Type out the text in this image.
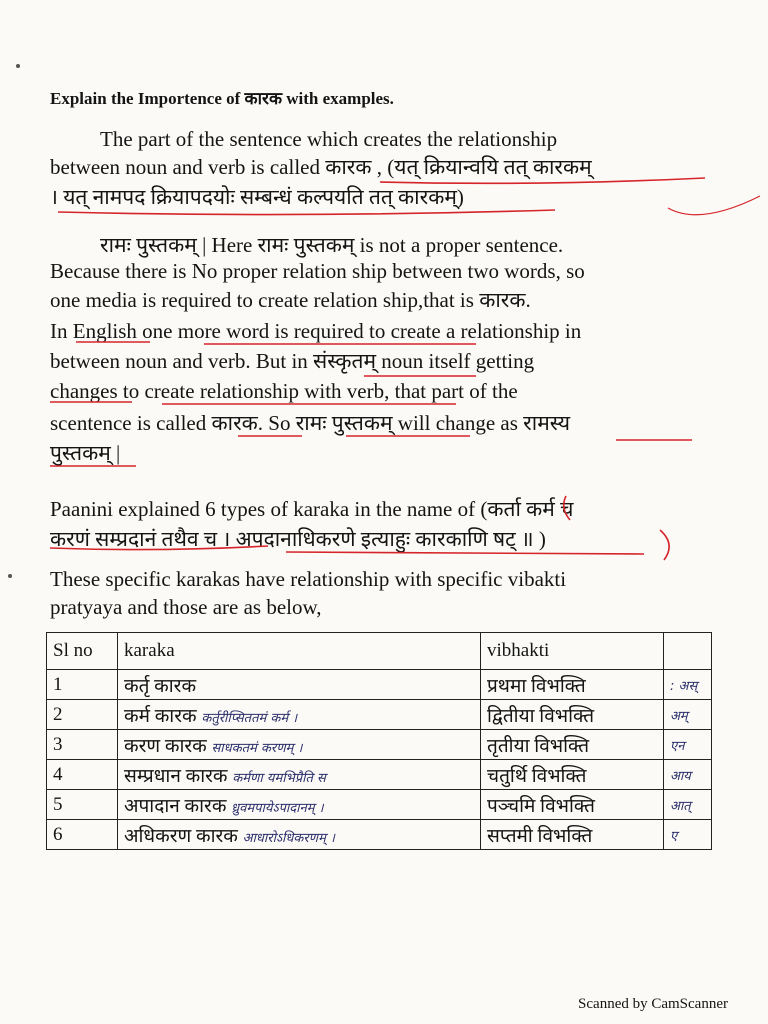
Explain the Importence of कारक with examples.
The part of the sentence which creates the relationship
between noun and verb is called कारक , (यत् क्रियान्वयि तत् कारकम्
। यत् नामपद क्रियापदयोः सम्बन्धं कल्पयति तत् कारकम्)
रामः पुस्तकम् | Here रामः पुस्तकम् is not a proper sentence.
Because there is No proper relation ship between two words, so
one media is required to create relation ship,that is कारक.
In English one more word is required to create a relationship in
between noun and verb. But in संस्कृतम् noun itself getting
changes to create relationship with verb, that part of the
scentence is called कारक. So रामः पुस्तकम् will change as रामस्य
पुस्तकम् |
Paanini explained 6 types of karaka in the name of (कर्ता कर्म च
करणं सम्प्रदानं तथैव च । अपदानाधिकरणे इत्याहुः कारकाणि षट् ॥ )
These specific karakas have relationship with specific vibakti
pratyaya and those are as below,
Sl no	karaka	vibhakti	
1	कर्तृ कारक	प्रथमा विभक्ति	: अस्
2	कर्म कारक कर्तुरीप्सिततमं कर्म ।	द्वितीया विभक्ति	अम्
3	करण कारक साधकतमं करणम् ।	तृतीया विभक्ति	एन
4	सम्प्रधान कारक कर्मणा यमभिप्रैति स	चतुर्थि विभक्ति	आय
5	अपादान कारक ध्रुवमपायेऽपादानम् ।	पञ्चमि विभक्ति	आत्
6	अधिकरण कारक आधारोऽधिकरणम् ।	सप्तमी विभक्ति	ए
Scanned by CamScanner
